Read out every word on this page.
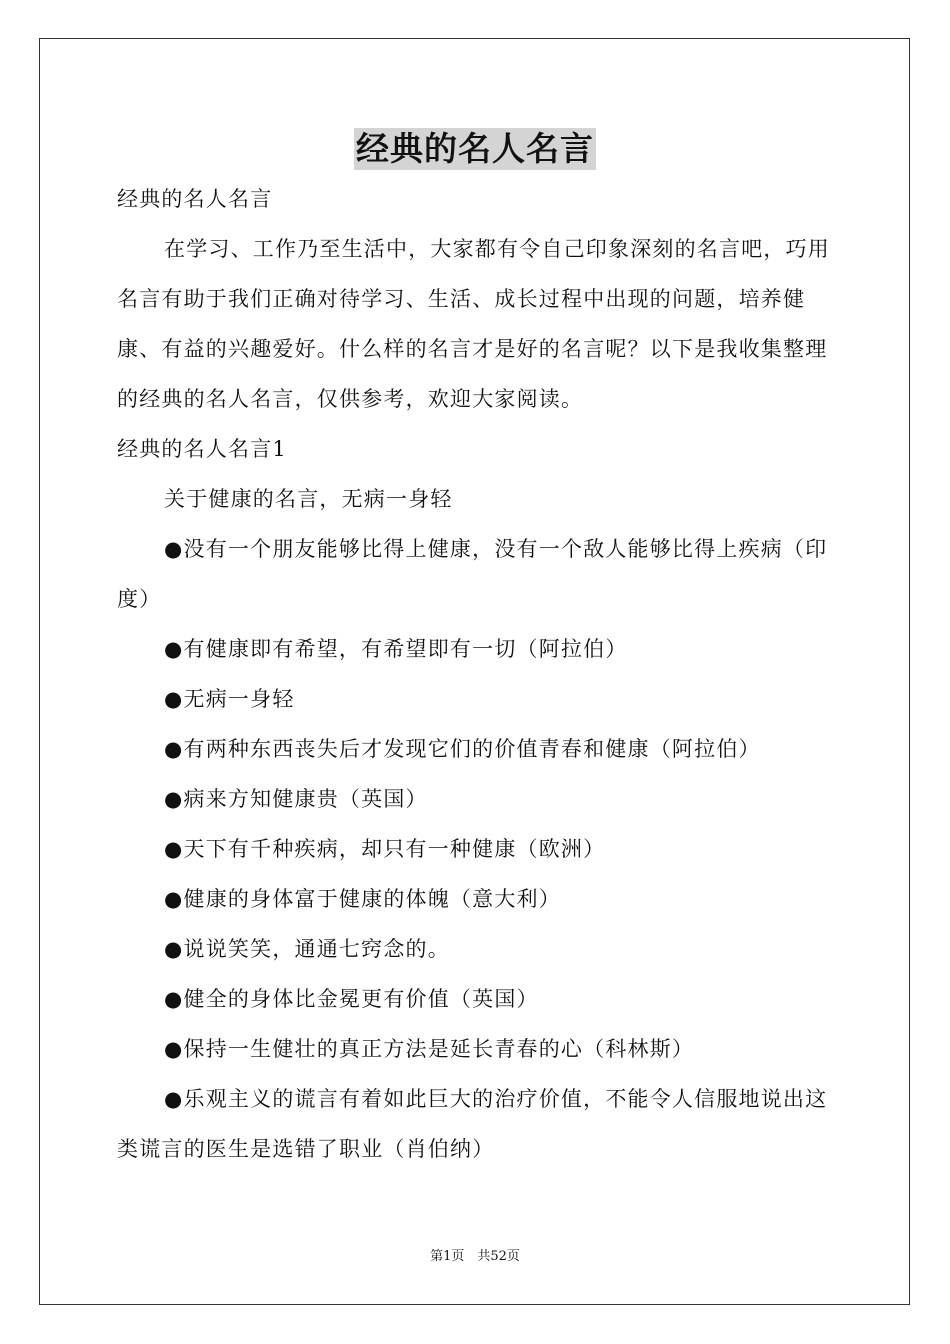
经典的名人名言

经典的名人名言

在学习、工作乃至生活中，大家都有令自己印象深刻的名言吧，巧用名言有助于我们正确对待学习、生活、成长过程中出现的问题，培养健康、有益的兴趣爱好。什么样的名言才是好的名言呢？以下是我收集整理的经典的名人名言，仅供参考，欢迎大家阅读。

经典的名人名言1

关于健康的名言，无病一身轻

●没有一个朋友能够比得上健康，没有一个敌人能够比得上疾病（印度）

●有健康即有希望，有希望即有一切（阿拉伯）

●无病一身轻

●有两种东西丧失后才发现它们的价值青春和健康（阿拉伯）

●病来方知健康贵（英国）

●天下有千种疾病，却只有一种健康（欧洲）

●健康的身体富于健康的体魄（意大利）

●说说笑笑，通通七窍念的。

●健全的身体比金冕更有价值（英国）

●保持一生健壮的真正方法是延长青春的心（科林斯）

●乐观主义的谎言有着如此巨大的治疗价值，不能令人信服地说出这类谎言的医生是选错了职业（肖伯纳）

第1页　共52页
